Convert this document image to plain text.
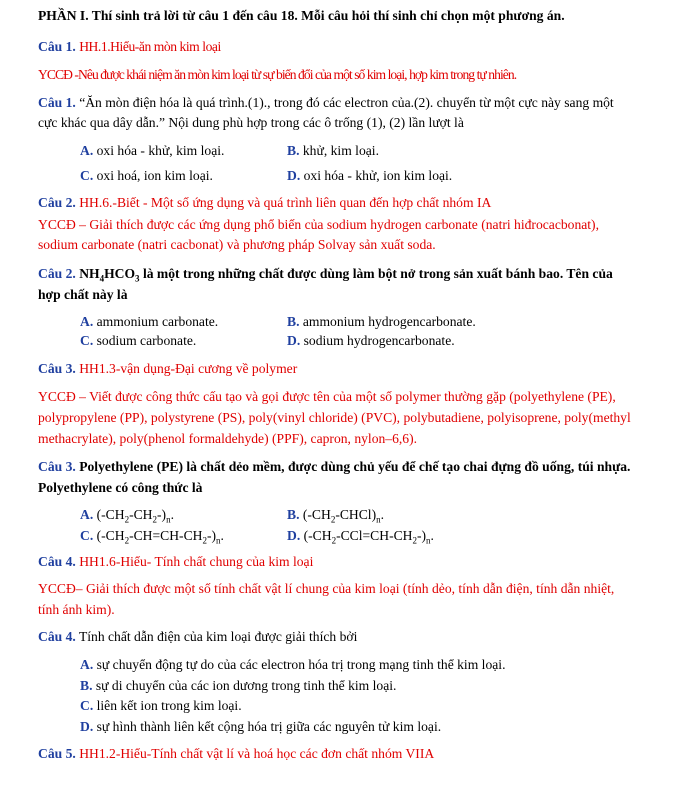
PHẦN I. Thí sinh trả lời từ câu 1 đến câu 18. Mỗi câu hỏi thí sinh chỉ chọn một phương án.
Câu 1. HH.1.Hiểu-ăn mòn kim loại
YCCĐ -Nêu được khái niệm ăn mòn kim loại từ sự biến đổi của một số kim loại, hợp kim trong tự nhiên.
Câu 1. “Ăn mòn điện hóa là quá trình.(1)., trong đó các electron của.(2). chuyển từ một cực này sang một
cực khác qua dây dẫn.” Nội dung phù hợp trong các ô trống (1), (2) lần lượt là
A. oxi hóa - khử, kim loại.	B. khử, kim loại.
C. oxi hoá, ion kim loại.	D. oxi hóa - khử, ion kim loại.
Câu 2. HH.6.-Biết - Một số ứng dụng và quá trình liên quan đến hợp chất nhóm IA
YCCĐ – Giải thích được các ứng dụng phổ biến của sodium hydrogen carbonate (natri hiđrocacbonat),
sodium carbonate (natri cacbonat) và phương pháp Solvay sản xuất soda.
Câu 2. $NH_4HCO_3$ là một trong những chất được dùng làm bột nở trong sản xuất bánh bao. Tên của
hợp chất này là
A. ammonium carbonate.	B. ammonium hydrogencarbonate.
C. sodium carbonate.	D. sodium hydrogencarbonate.
Câu 3. HH1.3-vận dụng-Đại cương về polymer
YCCĐ – Viết được công thức cấu tạo và gọi được tên của một số polymer thường gặp (polyethylene (PE),
polypropylene (PP), polystyrene (PS), poly(vinyl chloride) (PVC), polybutadiene, polyisoprene, poly(methyl
methacrylate), poly(phenol formaldehyde) (PPF), capron, nylon–6,6).
Câu 3. Polyethylene (PE) là chất dẻo mềm, được dùng chủ yếu để chế tạo chai đựng đồ uống, túi nhựa.
Polyethylene có công thức là
A. $(-CH_2-CH_2-)_n$.	B. $(-CH_2-CHCl)_n$.
C. $(-CH_2-CH=CH-CH_2-)_n$.	D. $(-CH_2-CCl=CH-CH_2-)_n$.
Câu 4. HH1.6-Hiểu- Tính chất chung của kim loại
YCCĐ– Giải thích được một số tính chất vật lí chung của kim loại (tính dẻo, tính dẫn điện, tính dẫn nhiệt,
tính ánh kim).
Câu 4. Tính chất dẫn điện của kim loại được giải thích bởi
A. sự chuyển động tự do của các electron hóa trị trong mạng tinh thể kim loại.
B. sự di chuyển của các ion dương trong tinh thể kim loại.
C. liên kết ion trong kim loại.
D. sự hình thành liên kết cộng hóa trị giữa các nguyên tử kim loại.
Câu 5. HH1.2-Hiểu-Tính chất vật lí và hoá học các đơn chất nhóm VIIA
